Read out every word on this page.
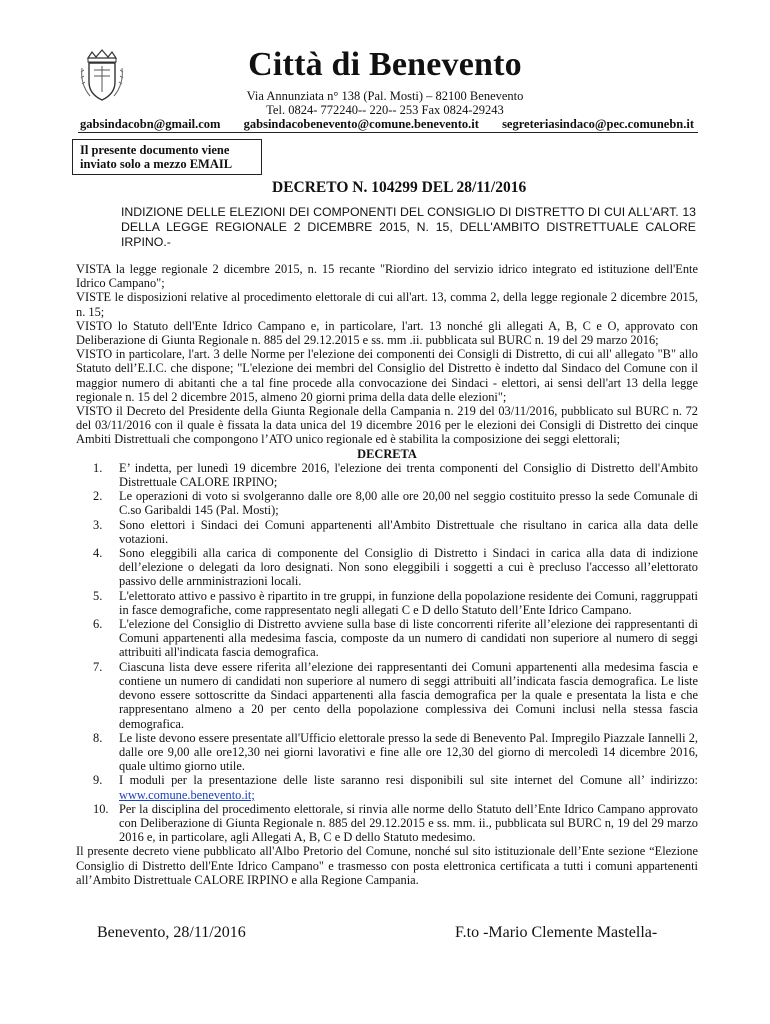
Città di Benevento
Via Annunziata n° 138 (Pal. Mosti) – 82100 Benevento
Tel. 0824- 772240-- 220-- 253 Fax 0824-29243
gabsindacobn@gmail.com gabsindacobenevento@comune.benevento.it segreteriasindaco@pec.comunebn.it
Il presente documento viene inviato solo a mezzo EMAIL
DECRETO N. 104299 DEL 28/11/2016
INDIZIONE DELLE ELEZIONI DEI COMPONENTI DEL CONSIGLIO DI DISTRETTO DI CUI ALL'ART. 13 DELLA LEGGE REGIONALE 2 DICEMBRE 2015, N. 15, DELL'AMBITO DISTRETTUALE CALORE IRPINO.-

VISTA la legge regionale 2 dicembre 2015, n. 15 recante "Riordino del servizio idrico integrato ed istituzione dell'Ente Idrico Campano";

VISTE le disposizioni relative al procedimento elettorale di cui all'art. 13, comma 2, della legge regionale 2 dicembre 2015, n. 15;

VISTO lo Statuto dell'Ente Idrico Campano e, in particolare, l'art. 13 nonché gli allegati A, B, C e O, approvato con Deliberazione di Giunta Regionale n. 885 del 29.12.2015 e ss. mm .ii. pubblicata sul BURC n. 19 del 29 marzo 2016;

VISTO in particolare, l'art. 3 delle Norme per l'elezione dei componenti dei Consigli di Distretto, di cui all' allegato "B" allo Statuto dell’E.I.C. che dispone; "L'elezione dei membri del Consiglio del Distretto è indetto dal Sindaco del Comune con il maggior numero di abitanti che a tal fine procede alla convocazione dei Sindaci - elettori, ai sensi dell'art 13 della legge regionale n. 15 del 2 dicembre 2015, almeno 20 giorni prima della data delle elezioni";

VISTO il Decreto del Presidente della Giunta Regionale della Campania n. 219 del 03/11/2016, pubblicato sul BURC n. 72 del 03/11/2016 con il quale è fissata la data unica del 19 dicembre 2016 per le elezioni dei Consigli di Distretto dei cinque Ambiti Distrettuali che compongono l’ATO unico regionale ed è stabilita la composizione dei seggi elettorali;

DECRETA

1. E’ indetta, per lunedì 19 dicembre 2016, l'elezione dei trenta componenti del Consiglio di Distretto dell'Ambito Distrettuale CALORE IRPINO;
2. Le operazioni di voto si svolgeranno dalle ore 8,00 alle ore 20,00 nel seggio costituito presso la sede Comunale di C.so Garibaldi 145 (Pal. Mosti);
3. Sono elettori i Sindaci dei Comuni appartenenti all'Ambito Distrettuale che risultano in carica alla data delle votazioni.
4. Sono eleggibili alla carica di componente del Consiglio di Distretto i Sindaci in carica alla data di indizione dell’elezione o delegati da loro designati. Non sono eleggibili i soggetti a cui è precluso l'accesso all’elettorato passivo delle arnministrazioni locali.
5. L'elettorato attivo e passivo è ripartito in tre gruppi, in funzione della popolazione residente dei Comuni, raggruppati in fasce demografiche, come rappresentato negli allegati C e D dello Statuto dell’Ente Idrico Campano.
6. L'elezione del Consiglio di Distretto avviene sulla base di liste concorrenti riferite all’elezione dei rappresentanti di Comuni appartenenti alla medesima fascia, composte da un numero di candidati non superiore al numero di seggi attribuiti all'indicata fascia demografica.
7. Ciascuna lista deve essere riferita all’elezione dei rappresentanti dei Comuni appartenenti alla medesima fascia e contiene un numero di candidati non superiore al numero di seggi attribuiti all’indicata fascia demografica. Le liste devono essere sottoscritte da Sindaci appartenenti alla fascia demografica per la quale e presentata la lista e che rappresentano almeno a 20 per cento della popolazione complessiva dei Comuni inclusi nella stessa fascia demografica.
8. Le liste devono essere presentate all'Ufficio elettorale presso la sede di Benevento Pal. Impregilo Piazzale Iannelli 2, dalle ore 9,00 alle ore12,30 nei giorni lavorativi e fine alle ore 12,30 del giorno di mercoledì 14 dicembre 2016, quale ultimo giorno utile.
9. I moduli per la presentazione delle liste saranno resi disponibili sul site internet del Comune all’ indirizzo: www.comune.benevento.it;
10. Per la disciplina del procedimento elettorale, si rinvia alle norme dello Statuto dell’Ente Idrico Campano approvato con Deliberazione di Giunta Regionale n. 885 del 29.12.2015 e ss. mm. ii., pubblicata sul BURC n, 19 del 29 marzo 2016 e, in particolare, agli Allegati A, B, C e D dello Statuto medesimo.

Il presente decreto viene pubblicato all'Albo Pretorio del Comune, nonché sul sito istituzionale dell’Ente sezione “Elezione Consiglio di Distretto dell'Ente Idrico Campano" e trasmesso con posta elettronica certificata a tutti i comuni appartenenti all’Ambito Distrettuale CALORE IRPINO e alla Regione Campania.

Benevento, 28/11/2016	F.to -Mario Clemente Mastella-
